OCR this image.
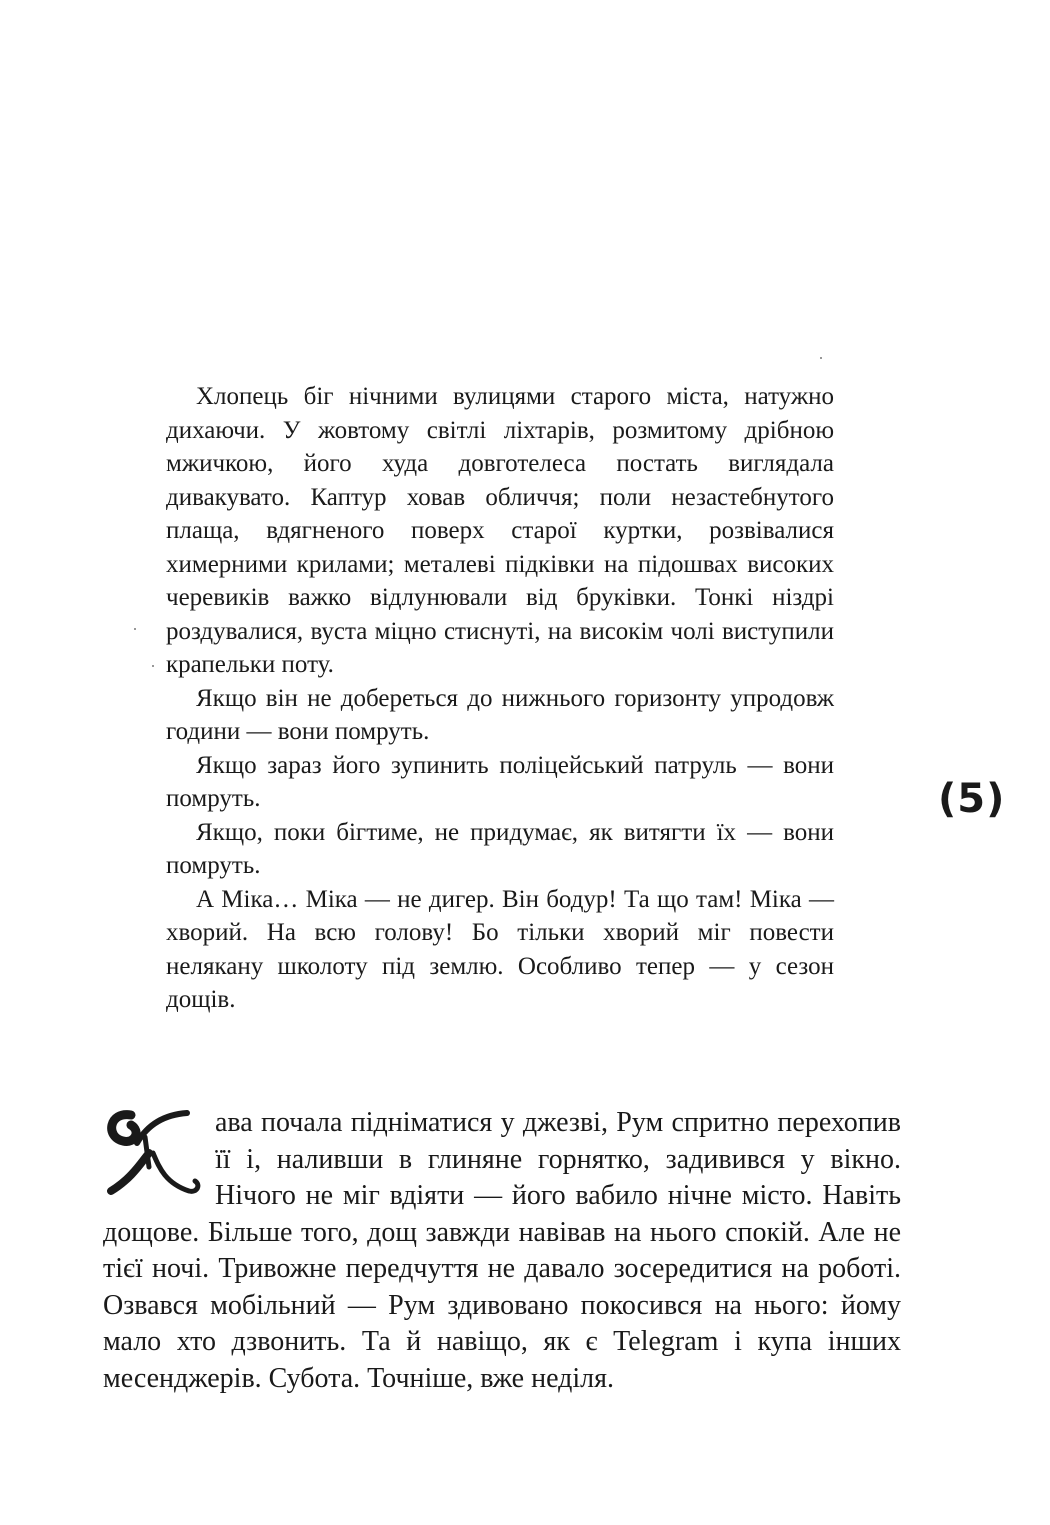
Хлопець біг нічними вулицями старого міста, натужно дихаючи. У жовтому світлі ліхтарів, розмитому дрібною мжичкою, його худа довготелеса постать виглядала дивакувато. Каптур ховав обличчя; поли незастебнутого плаща, вдягненого поверх старої куртки, розвівалися химерними крилами; металеві підківки на підошвах високих черевиків важко відлунювали від бруківки. Тонкі ніздрі роздувалися, вуста міцно стиснуті, на високім чолі виступили крапельки поту.

Якщо він не добереться до нижнього горизонту упродовж години — вони помруть.

Якщо зараз його зупинить поліцейський патруль — вони помруть.

Якщо, поки бігтиме, не придумає, як витягти їх — вони помруть.

А Міка… Міка — не дигер. Він бодур! Та що там! Міка — хворий. На всю голову! Бо тільки хворий міг повести нелякану школоту під землю. Особливо тепер — у сезон дощів.

(5)
Ж

ава почала підніматися у джезві, Рум спритно перехопив її і, наливши в глиняне горнятко, задивився у вікно. Нічого не міг вдіяти — його вабило нічне місто. Навіть дощове. Більше того, дощ завжди навівав на нього спокій. Але не тієї ночі. Тривожне передчуття не давало зосередитися на роботі. Озвався мобільний — Рум здивовано покосився на нього: йому мало хто дзвонить. Та й навіщо, як є Telegram і купа інших месенджерів. Субота. Точніше, вже неділя.
